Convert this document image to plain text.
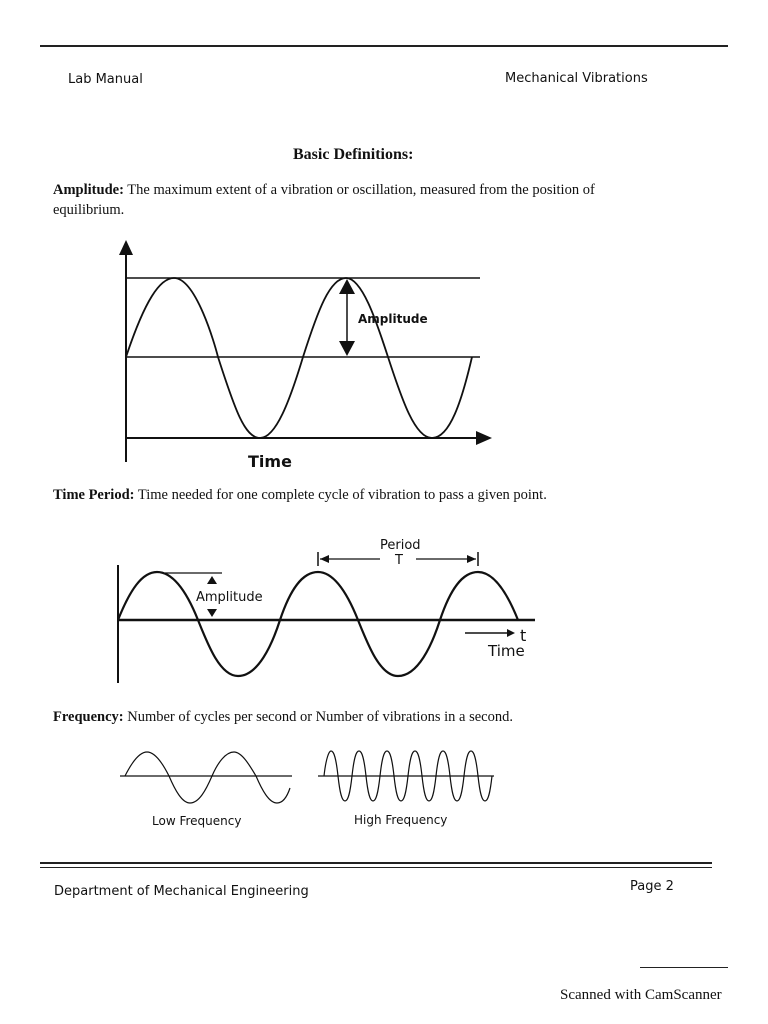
Lab Manual	Mechanical Vibrations
Basic Definitions:
Amplitude: The maximum extent of a vibration or oscillation, measured from the position of equilibrium.
Amplitude
Time
Time Period: Time needed for one complete cycle of vibration to pass a given point.
Amplitude
Period
T
t
Time
Frequency: Number of cycles per second or Number of vibrations in a second.
Low Frequency	High Frequency
Department of Mechanical Engineering	Page 2
Scanned with CamScanner
